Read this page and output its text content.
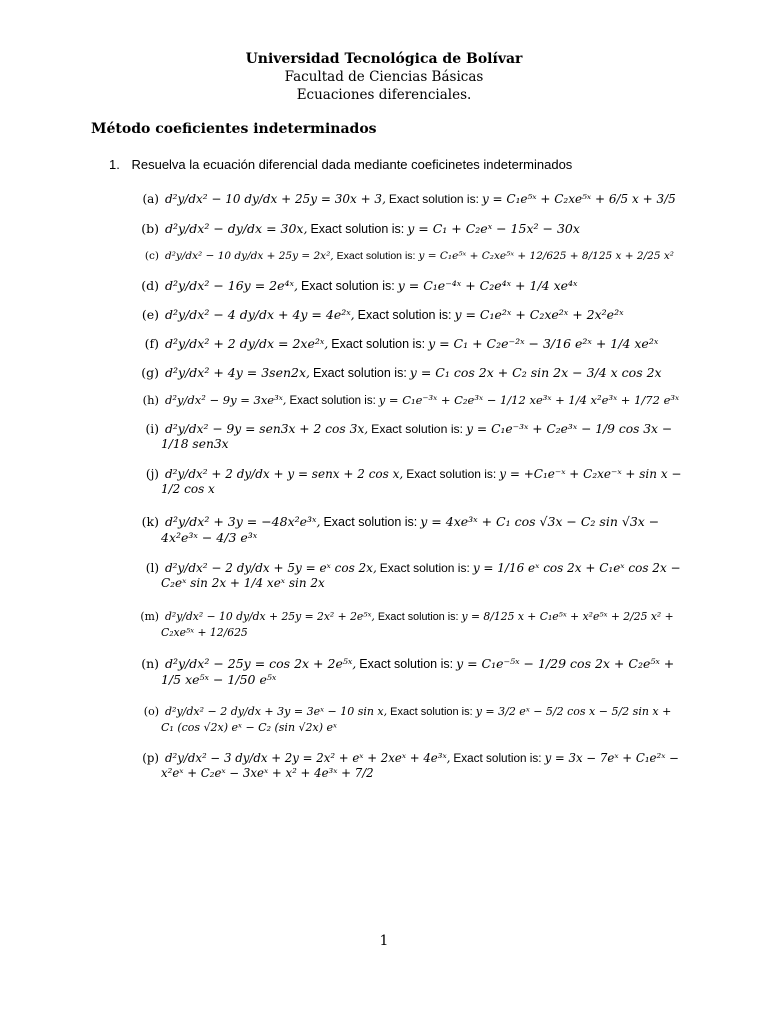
Universidad Tecnológica de Bolívar
Facultad de Ciencias Básicas
Ecuaciones diferenciales.
Método coeficientes indeterminados
1. Resuelva la ecuación diferencial dada mediante coeficinetes indeterminados
(a) d²y/dx² − 10 dy/dx + 25y = 30x + 3, Exact solution is: y = C₁e⁵ˣ + C₂xe⁵ˣ + 6/5 x + 3/5
(b) d²y/dx² − dy/dx = 30x, Exact solution is: y = C₁ + C₂eˣ − 15x² − 30x
(c) d²y/dx² − 10 dy/dx + 25y = 2x², Exact solution is: y = C₁e⁵ˣ + C₂xe⁵ˣ + 12/625 + 8/125 x + 2/25 x²
(d) d²y/dx² − 16y = 2e⁴ˣ, Exact solution is: y = C₁e⁻⁴ˣ + C₂e⁴ˣ + 1/4 xe⁴ˣ
(e) d²y/dx² − 4 dy/dx + 4y = 4e²ˣ, Exact solution is: y = C₁e²ˣ + C₂xe²ˣ + 2x²e²ˣ
(f) d²y/dx² + 2 dy/dx = 2xe²ˣ, Exact solution is: y = C₁ + C₂e⁻²ˣ − 3/16 e²ˣ + 1/4 xe²ˣ
(g) d²y/dx² + 4y = 3sen2x, Exact solution is: y = C₁ cos 2x + C₂ sin 2x − 3/4 x cos 2x
(h) d²y/dx² − 9y = 3xe³ˣ, Exact solution is: y = C₁e⁻³ˣ + C₂e³ˣ − 1/12 xe³ˣ + 1/4 x²e³ˣ + 1/72 e³ˣ
(i) d²y/dx² − 9y = sen3x + 2 cos 3x, Exact solution is: y = C₁e⁻³ˣ + C₂e³ˣ − 1/9 cos 3x −
1/18 sen3x
(j) d²y/dx² + 2 dy/dx + y = senx + 2 cos x, Exact solution is: y = +C₁e⁻ˣ + C₂xe⁻ˣ + sin x −
1/2 cos x
(k) d²y/dx² + 3y = −48x²e³ˣ, Exact solution is: y = 4xe³ˣ + C₁ cos √3x − C₂ sin √3x −
4x²e³ˣ − 4/3 e³ˣ
(l) d²y/dx² − 2 dy/dx + 5y = eˣ cos 2x, Exact solution is: y = 1/16 eˣ cos 2x + C₁eˣ cos 2x −
C₂eˣ sin 2x + 1/4 xeˣ sin 2x
(m) d²y/dx² − 10 dy/dx + 25y = 2x² + 2e⁵ˣ, Exact solution is: y = 8/125 x + C₁e⁵ˣ + x²e⁵ˣ + 2/25 x² +
C₂xe⁵ˣ + 12/625
(n) d²y/dx² − 25y = cos 2x + 2e⁵ˣ, Exact solution is: y = C₁e⁻⁵ˣ − 1/29 cos 2x + C₂e⁵ˣ +
1/5 xe⁵ˣ − 1/50 e⁵ˣ
(o) d²y/dx² − 2 dy/dx + 3y = 3eˣ − 10 sin x, Exact solution is: y = 3/2 eˣ − 5/2 cos x − 5/2 sin x +
C₁ (cos √2x) eˣ − C₂ (sin √2x) eˣ
(p) d²y/dx² − 3 dy/dx + 2y = 2x² + eˣ + 2xeˣ + 4e³ˣ, Exact solution is: y = 3x − 7eˣ + C₁e²ˣ −
x²eˣ + C₂eˣ − 3xeˣ + x² + 4e³ˣ + 7/2
1
